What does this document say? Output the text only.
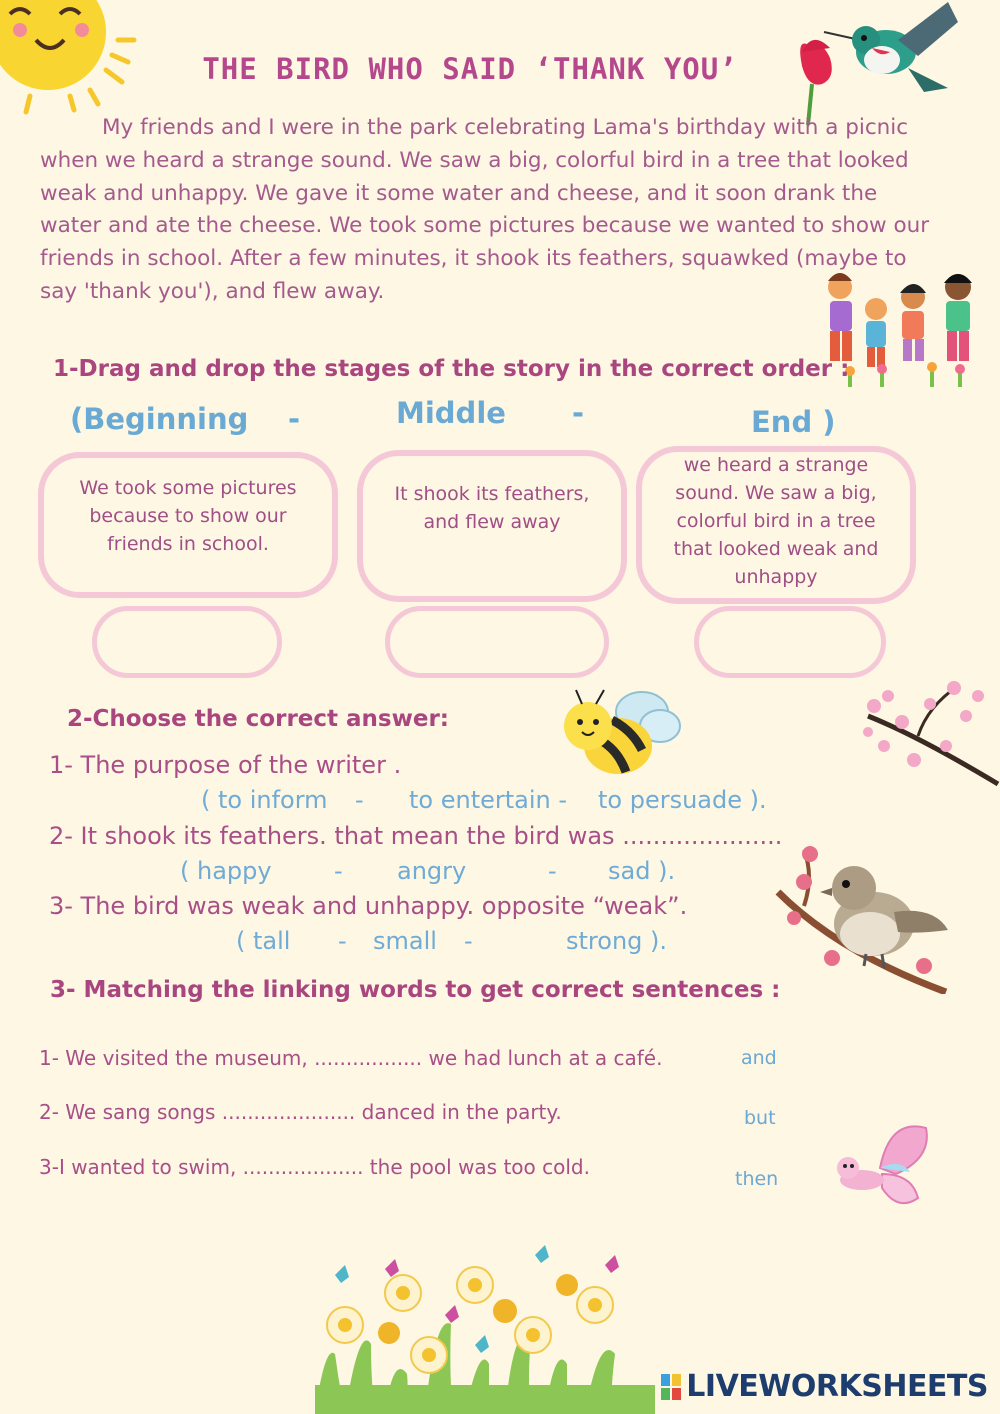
THE BIRD WHO SAID ‘THANK YOU’
My friends and I were in the park celebrating Lama's birthday with a picnic when we heard a strange sound. We saw a big, colorful bird in a tree that looked weak and unhappy. We gave it some water and cheese, and it soon drank the water and ate the cheese. We took some pictures because we wanted to show our friends in school. After a few minutes, it shook its feathers, squawked (maybe to say 'thank you'), and flew away.
1-Drag and drop the stages of the story in the correct order :
(Beginning -	Middle -	End )
We took some pictures because to show our friends in school.
It shook its feathers, and flew away
we heard a strange sound. We saw a big, colorful bird in a tree that looked weak and unhappy
2-Choose the correct answer:
1- The purpose of the writer .
( to inform - to entertain - to persuade ).
2- It shook its feathers. that mean the bird was .....................
( happy	- angry	- sad ).
3- The bird was weak and unhappy. opposite “weak”.
( tall - small -	strong ).
3- Matching the linking words to get correct sentences :
1- We visited the museum, ................. we had lunch at a café.
2- We sang songs ..................... danced in the party.
3-I wanted to swim, ................... the pool was too cold.
and
but
then
LIVEWORKSHEETS
